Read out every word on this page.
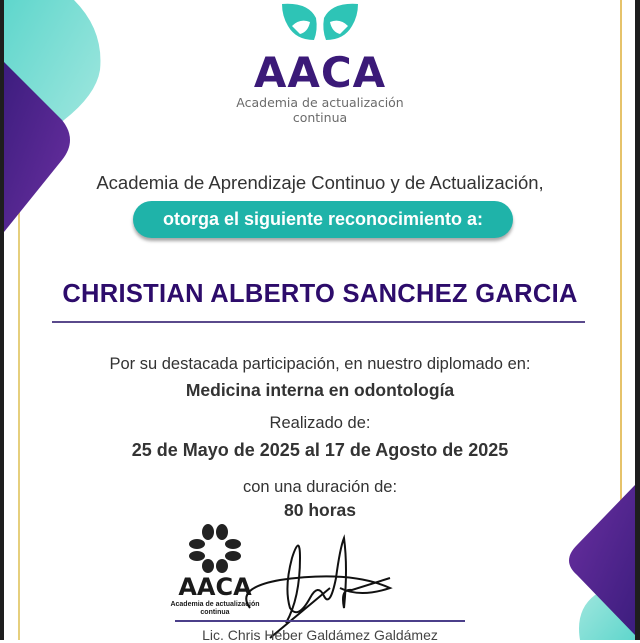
AACA
Academia de actualización
continua
Academia de Aprendizaje Continuo y de Actualización,
otorga el siguiente reconocimiento a:
CHRISTIAN ALBERTO SANCHEZ GARCIA
Por su destacada participación, en nuestro diplomado en:
Medicina interna en odontología
Realizado de:
25 de Mayo de 2025 al 17 de Agosto de 2025
con una duración de:
80 horas
AACA
Academia de actualización
continua
Lic. Chris Heber Galdámez Galdámez
